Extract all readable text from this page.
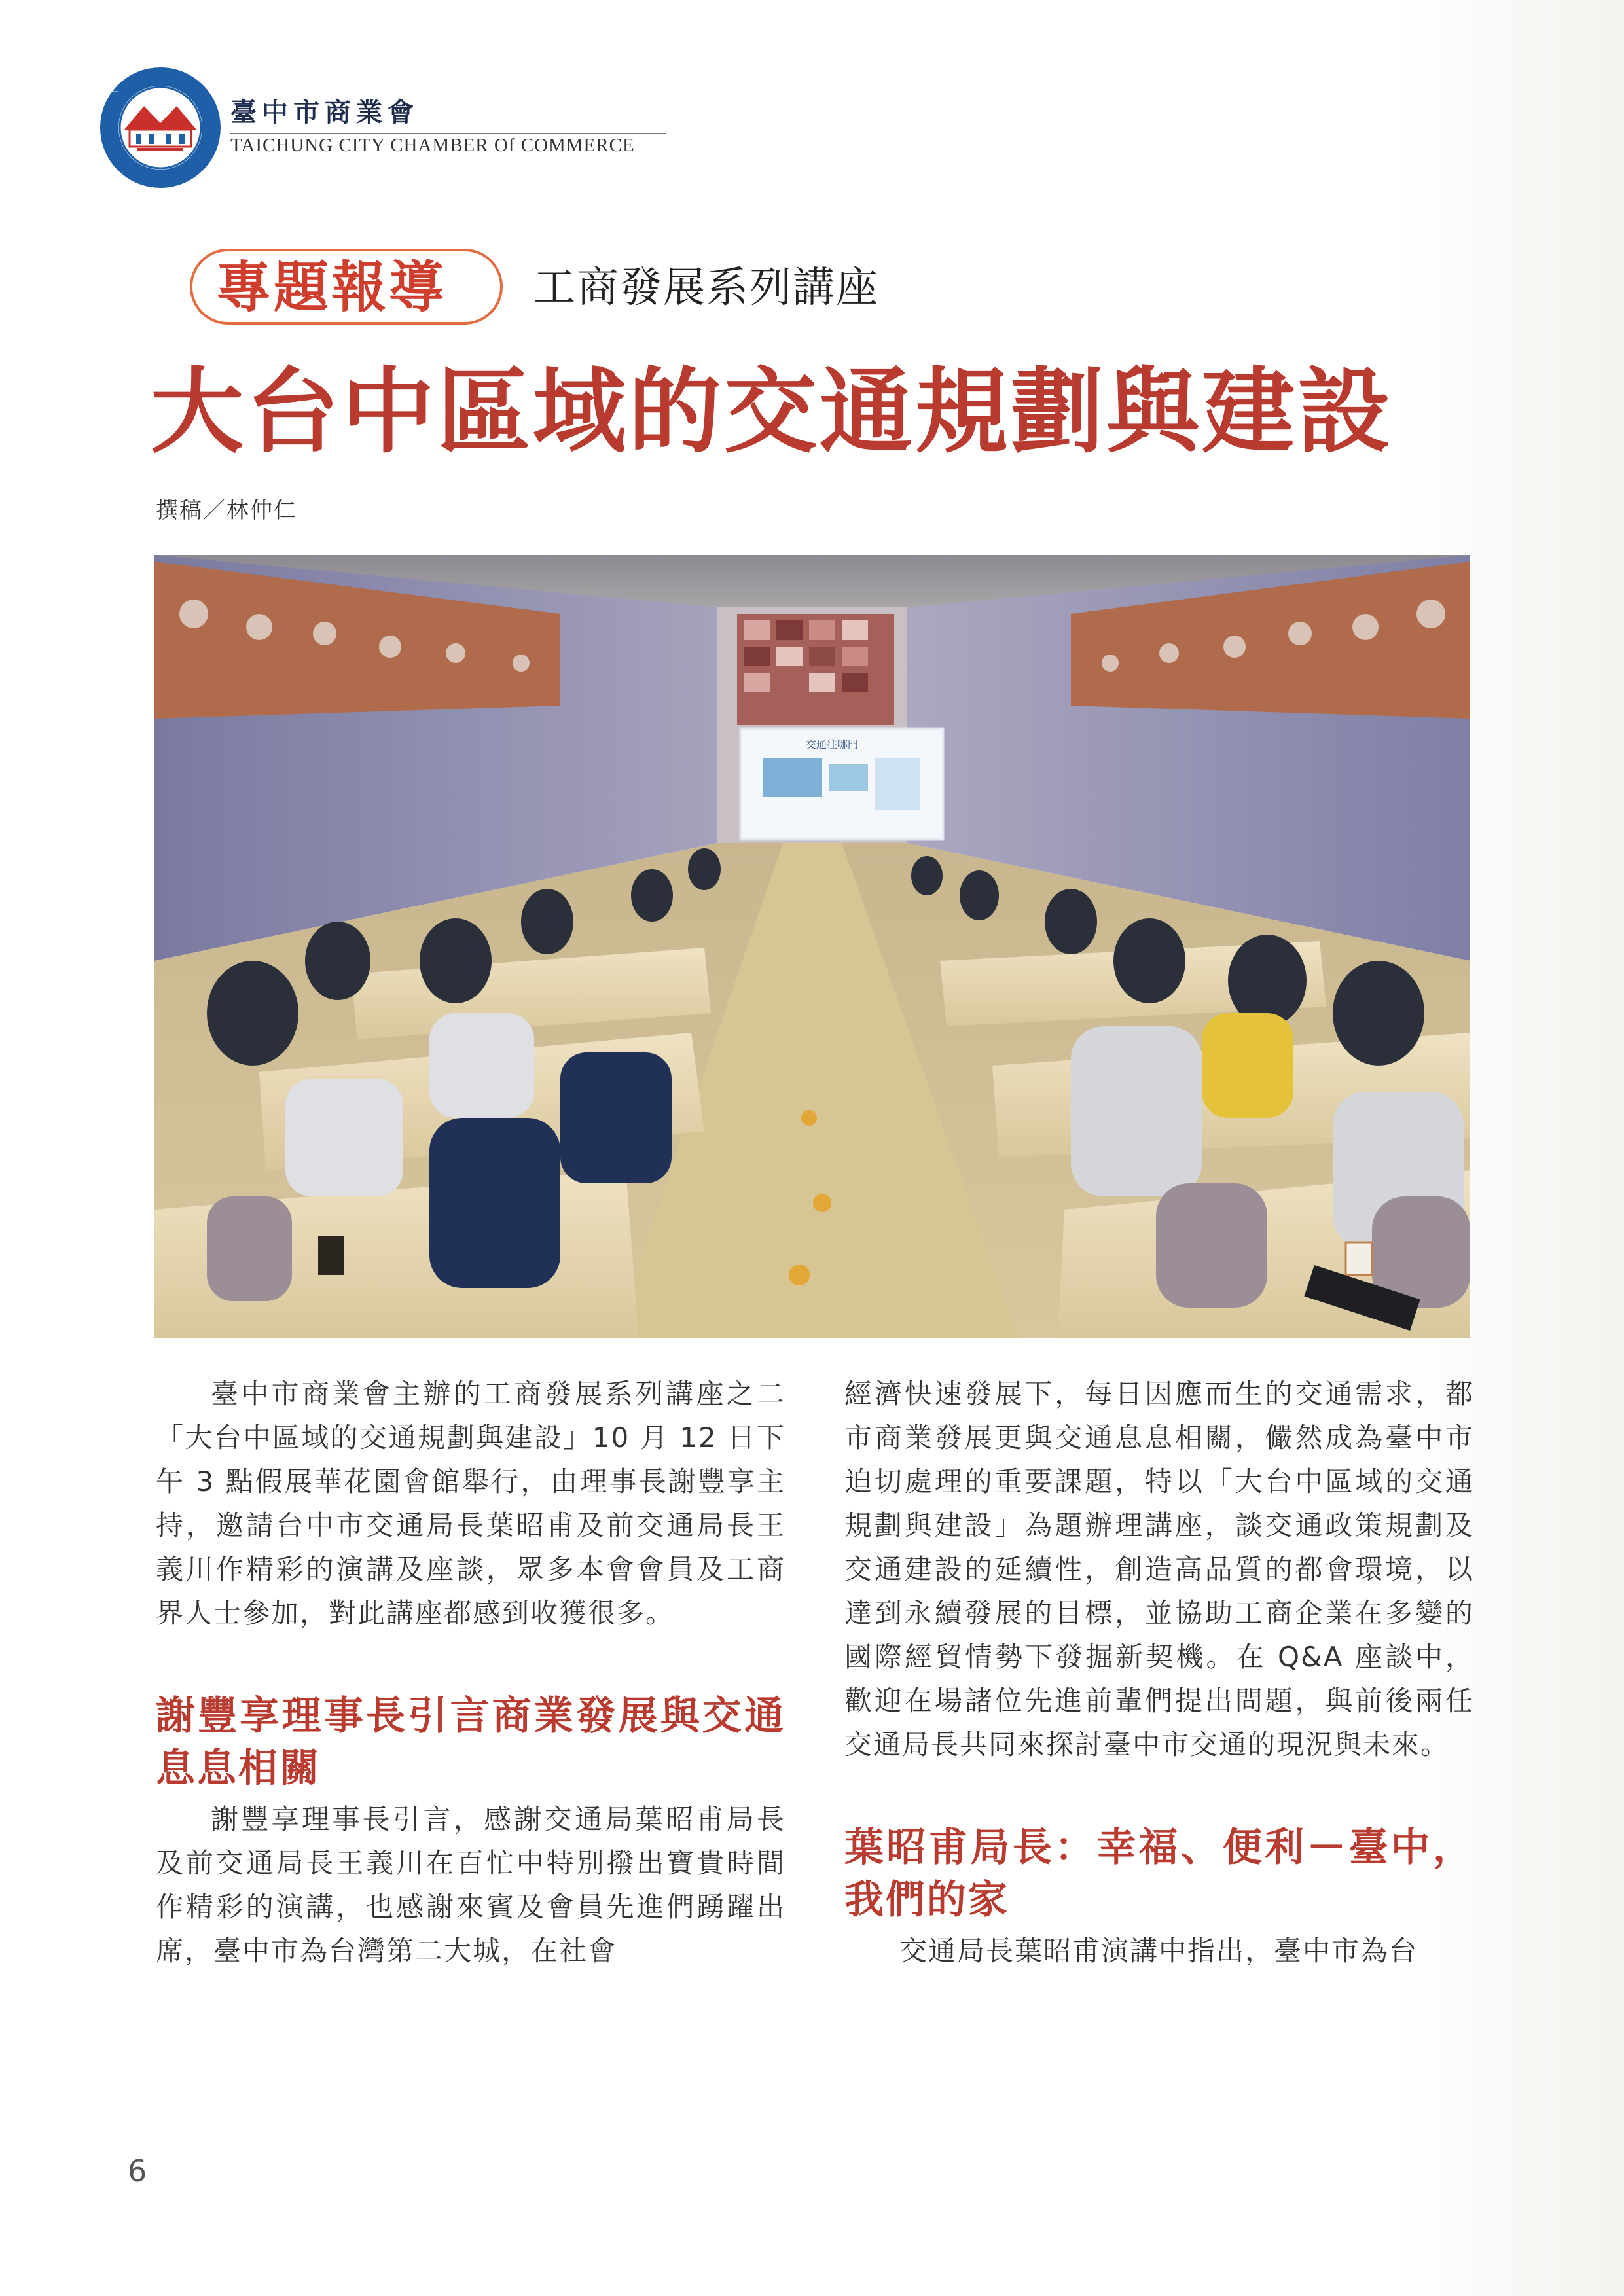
臺中市商業會
TAICHUNG CITY CHAMBER Of COMMERCE
專題報導 工商發展系列講座
大台中區域的交通規劃與建設
撰稿／林仲仁
交通往哪門

臺中市商業會主辦的工商發展系列講座之二「大台中區域的交通規劃與建設」10 月 12 日下午 3 點假展華花園會館舉行，由理事長謝豐享主持，邀請台中市交通局長葉昭甫及前交通局長王義川作精彩的演講及座談，眾多本會會員及工商界人士參加，對此講座都感到收獲很多。

謝豐享理事長引言商業發展與交通息息相關

謝豐享理事長引言，感謝交通局葉昭甫局長及前交通局長王義川在百忙中特別撥出寶貴時間作精彩的演講，也感謝來賓及會員先進們踴躍出席，臺中市為台灣第二大城，在社會

經濟快速發展下，每日因應而生的交通需求，都市商業發展更與交通息息相關，儼然成為臺中市迫切處理的重要課題，特以「大台中區域的交通規劃與建設」為題辦理講座，談交通政策規劃及交通建設的延續性，創造高品質的都會環境，以達到永續發展的目標，並協助工商企業在多變的國際經貿情勢下發掘新契機。在 Q&A 座談中，歡迎在場諸位先進前輩們提出問題，與前後兩任交通局長共同來探討臺中市交通的現況與未來。

葉昭甫局長：幸福、便利－臺中，我們的家

交通局長葉昭甫演講中指出，臺中市為台

6
